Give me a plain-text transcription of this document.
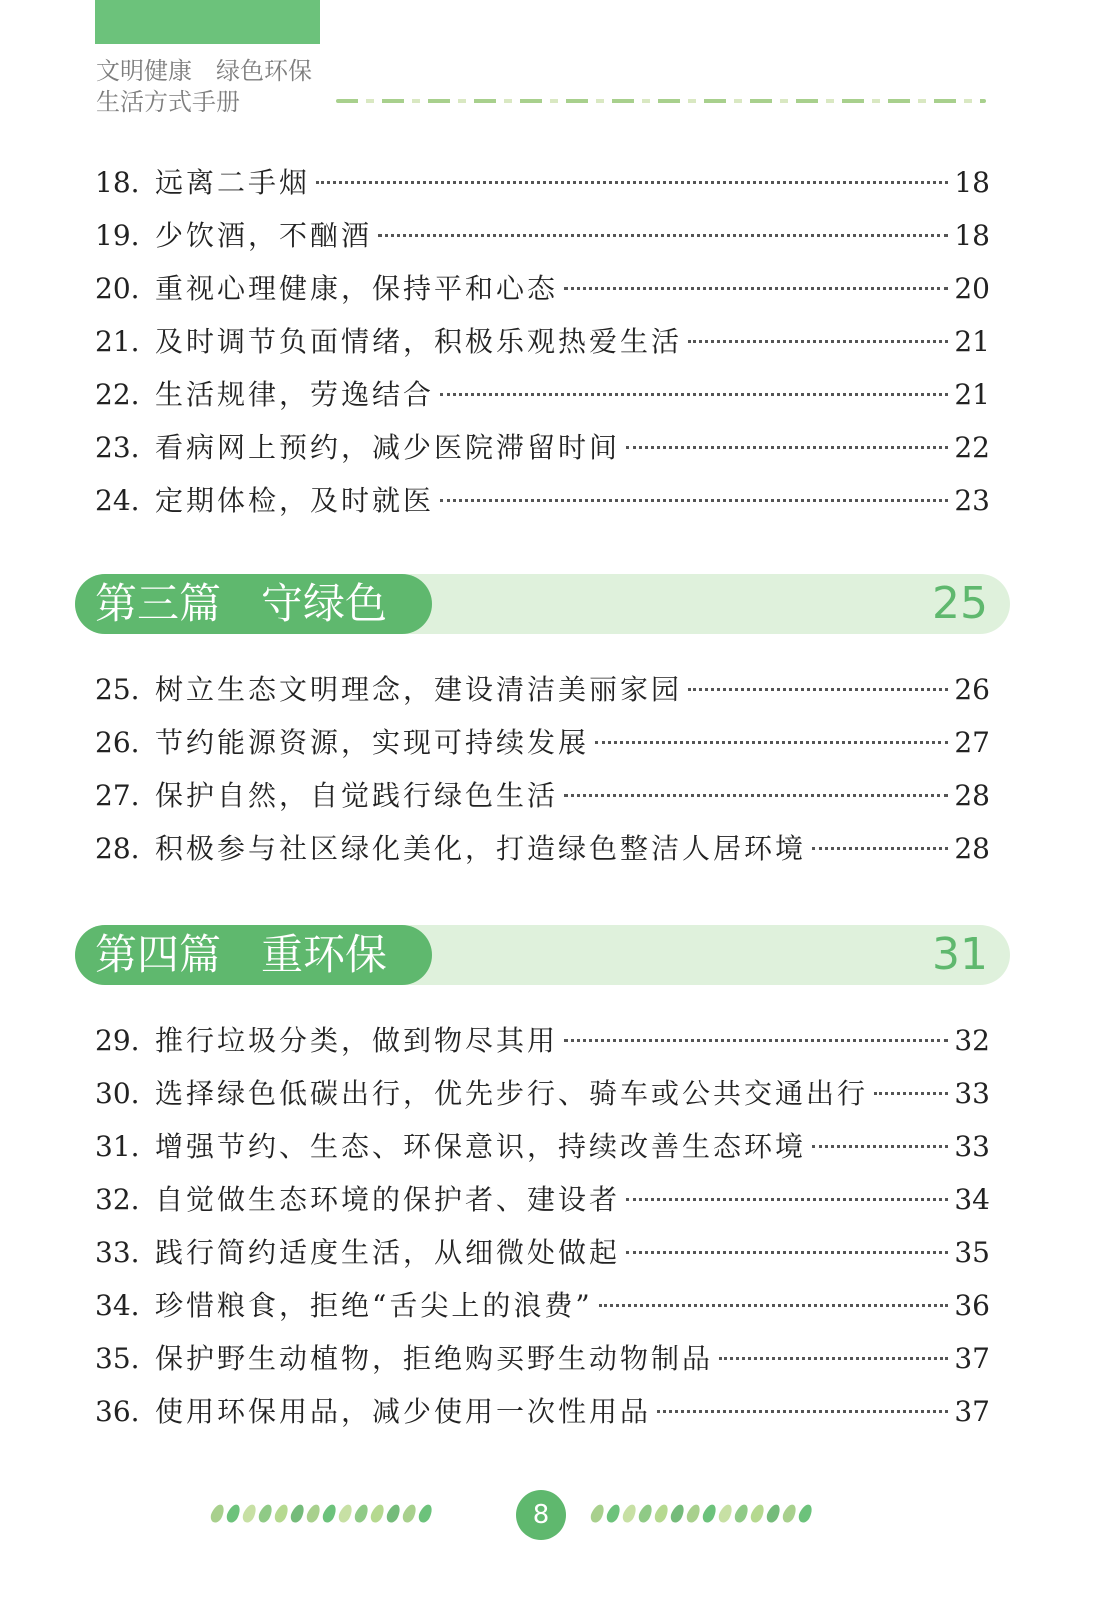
文明健康 绿色环保
生活方式手册
18. 远离二手烟	18
19. 少饮酒，不酗酒	18
20. 重视心理健康，保持平和心态	20
21. 及时调节负面情绪，积极乐观热爱生活	21
22. 生活规律，劳逸结合	21
23. 看病网上预约，减少医院滞留时间	22
24. 定期体检，及时就医	23
第三篇 守绿色	25
25. 树立生态文明理念，建设清洁美丽家园	26
26. 节约能源资源，实现可持续发展	27
27. 保护自然，自觉践行绿色生活	28
28. 积极参与社区绿化美化，打造绿色整洁人居环境	28
第四篇 重环保	31
29. 推行垃圾分类，做到物尽其用	32
30. 选择绿色低碳出行，优先步行、骑车或公共交通出行	33
31. 增强节约、生态、环保意识，持续改善生态环境	33
32. 自觉做生态环境的保护者、建设者	34
33. 践行简约适度生活，从细微处做起	35
34. 珍惜粮食，拒绝“舌尖上的浪费”	36
35. 保护野生动植物，拒绝购买野生动物制品	37
36. 使用环保用品，减少使用一次性用品	37
8
